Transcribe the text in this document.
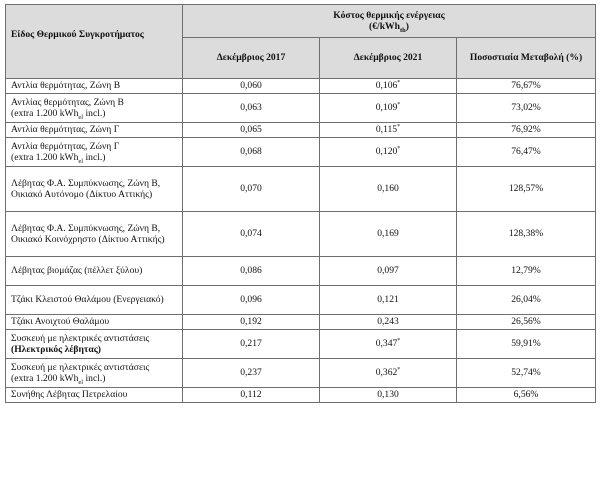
Είδος Θερμικού Συγκροτήματος	Κόστος θερμικής ενέργειας
(€/kWh$_{th}$)		

	Δεκέμβριος 2017	Δεκέμβριος 2021	Ποσοστιαία Μεταβολή (%)
Αντλία θερμότητας, Ζώνη Β	0,060	0,106*	76,67%
Αντλίας θερμότητας, Ζώνη Β
(extra 1.200 kWh$_{el}$ incl.)	0,063	0,109*	73,02%
Αντλία θερμότητας, Ζώνη Γ	0,065	0,115*	76,92%
Αντλία θερμότητας, Ζώνη Γ
(extra 1.200 kWh$_{el}$ incl.)	0,068	0,120*	76,47%
Λέβητας Φ.Α. Συμπύκνωσης, Ζώνη Β, Οικιακό Αυτόνομο (Δίκτυο Αττικής)	0,070	0,160	128,57%
Λέβητας Φ.Α. Συμπύκνωσης, Ζώνη Β, Οικιακό Κοινόχρηστο (Δίκτυο Αττικής)	0,074	0,169	128,38%
Λέβητας βιομάζας (πέλλετ ξύλου)	0,086	0,097	12,79%
Τζάκι Κλειστού Θαλάμου (Ενεργειακό)	0,096	0,121	26,04%
Τζάκι Ανοιχτού Θαλάμου	0,192	0,243	26,56%
Συσκευή με ηλεκτρικές αντιστάσεις
(Ηλεκτρικός λέβητας)	0,217	0,347*	59,91%
Συσκευή με ηλεκτρικές αντιστάσεις
(extra 1.200 kWh$_{el}$ incl.)	0,237	0,362*	52,74%
Συνήθης Λέβητας Πετρελαίου	0,112	0,130	6,56%
